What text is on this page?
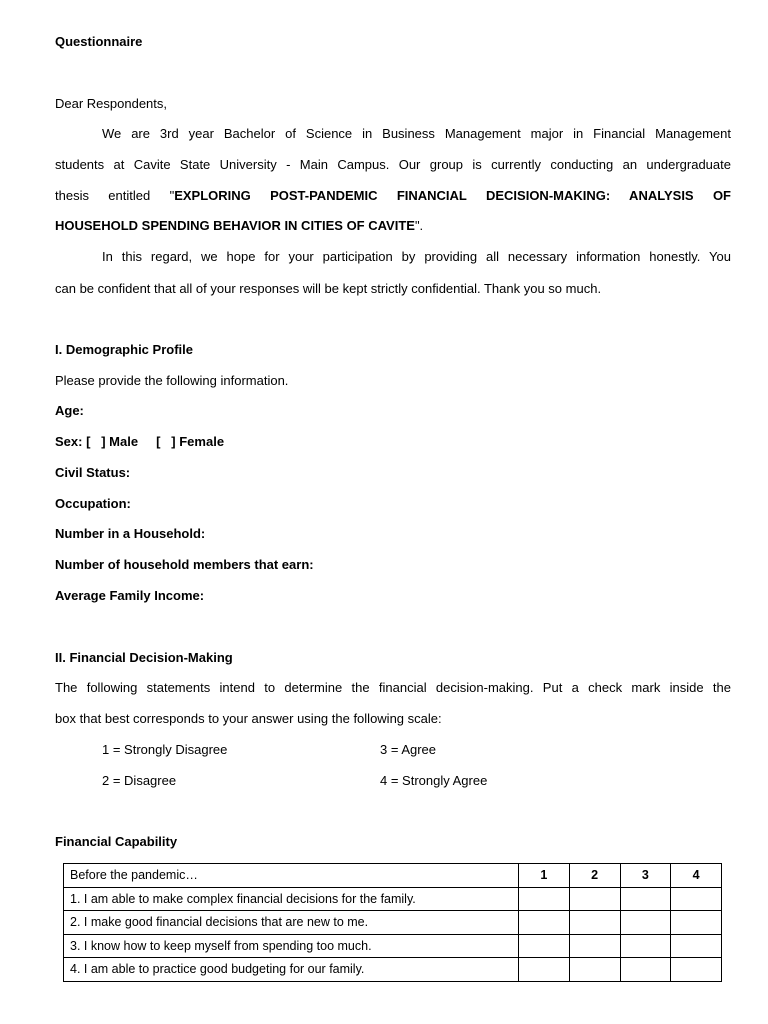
Questionnaire
Dear Respondents,
We are 3rd year Bachelor of Science in Business Management major in Financial Management
students at Cavite State University - Main Campus. Our group is currently conducting an undergraduate
thesis entitled "EXPLORING POST-PANDEMIC FINANCIAL DECISION-MAKING: ANALYSIS OF
HOUSEHOLD SPENDING BEHAVIOR IN CITIES OF CAVITE".
In this regard, we hope for your participation by providing all necessary information honestly. You
can be confident that all of your responses will be kept strictly confidential. Thank you so much.
I. Demographic Profile
Please provide the following information.
Age:
Sex: [   ] Male     [   ] Female
Civil Status:
Occupation:
Number in a Household:
Number of household members that earn:
Average Family Income:
II. Financial Decision-Making
The following statements intend to determine the financial decision-making. Put a check mark inside the
box that best corresponds to your answer using the following scale:
1 = Strongly Disagree	3 = Agree
2 = Disagree	4 = Strongly Agree
Financial Capability
Before the pandemic…	1	2	3	4
1. I am able to make complex financial decisions for the family.				
2. I make good financial decisions that are new to me.				
3. I know how to keep myself from spending too much.				
4. I am able to practice good budgeting for our family.				
